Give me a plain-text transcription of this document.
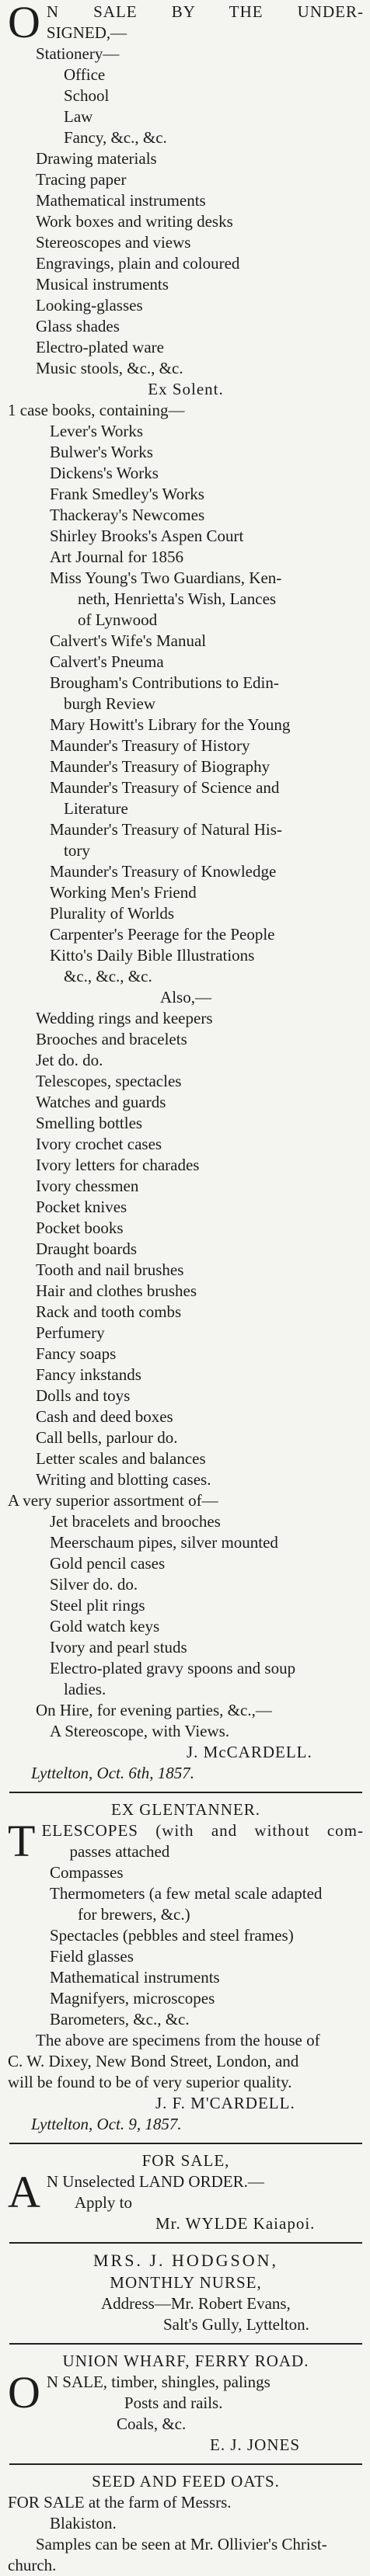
O N SALE BY THE UNDER-
SIGNED,—
Stationery—
Office
School
Law
Fancy, &c., &c.
Drawing materials
Tracing paper
Mathematical instruments
Work boxes and writing desks
Stereoscopes and views
Engravings, plain and coloured
Musical instruments
Looking-glasses
Glass shades
Electro-plated ware
Music stools, &c., &c.
Ex Solent.
1 case books, containing—
Lever's Works
Bulwer's Works
Dickens's Works
Frank Smedley's Works
Thackeray's Newcomes
Shirley Brooks's Aspen Court
Art Journal for 1856
Miss Young's Two Guardians, Ken-
neth, Henrietta's Wish, Lances
of Lynwood
Calvert's Wife's Manual
Calvert's Pneuma
Brougham's Contributions to Edin-
burgh Review
Mary Howitt's Library for the Young
Maunder's Treasury of History
Maunder's Treasury of Biography
Maunder's Treasury of Science and
Literature
Maunder's Treasury of Natural His-
tory
Maunder's Treasury of Knowledge
Working Men's Friend
Plurality of Worlds
Carpenter's Peerage for the People
Kitto's Daily Bible Illustrations
&c., &c., &c.
Also,—
Wedding rings and keepers
Brooches and bracelets
Jet do. do.
Telescopes, spectacles
Watches and guards
Smelling bottles
Ivory crochet cases
Ivory letters for charades
Ivory chessmen
Pocket knives
Pocket books
Draught boards
Tooth and nail brushes
Hair and clothes brushes
Rack and tooth combs
Perfumery
Fancy soaps
Fancy inkstands
Dolls and toys
Cash and deed boxes
Call bells, parlour do.
Letter scales and balances
Writing and blotting cases.
A very superior assortment of—
Jet bracelets and brooches
Meerschaum pipes, silver mounted
Gold pencil cases
Silver do. do.
Steel plit rings
Gold watch keys
Ivory and pearl studs
Electro-plated gravy spoons and soup
ladies.
On Hire, for evening parties, &c.,—
A Stereoscope, with Views.
J. McCARDELL.
Lyttelton, Oct. 6th, 1857.
EX GLENTANNER.
T ELESCOPES (with and without com-
passes attached
Compasses
Thermometers (a few metal scale adapted
for brewers, &c.)
Spectacles (pebbles and steel frames)
Field glasses
Mathematical instruments
Magnifyers, microscopes
Barometers, &c., &c.
The above are specimens from the house of
C. W. Dixey, New Bond Street, London, and
will be found to be of very superior quality.
J. F. M'CARDELL.
Lyttelton, Oct. 9, 1857.
FOR SALE,
A N Unselected LAND ORDER.—
Apply to
Mr. WYLDE Kaiapoi.
MRS. J. HODGSON,
MONTHLY NURSE,
Address—Mr. Robert Evans,
Salt's Gully, Lyttelton.
UNION WHARF, FERRY ROAD.
O N SALE, timber, shingles, palings
Posts and rails.
Coals, &c.
E. J. JONES
SEED AND FEED OATS.
FOR SALE at the farm of Messrs.
Blakiston.
Samples can be seen at Mr. Ollivier's Christ-
church.
